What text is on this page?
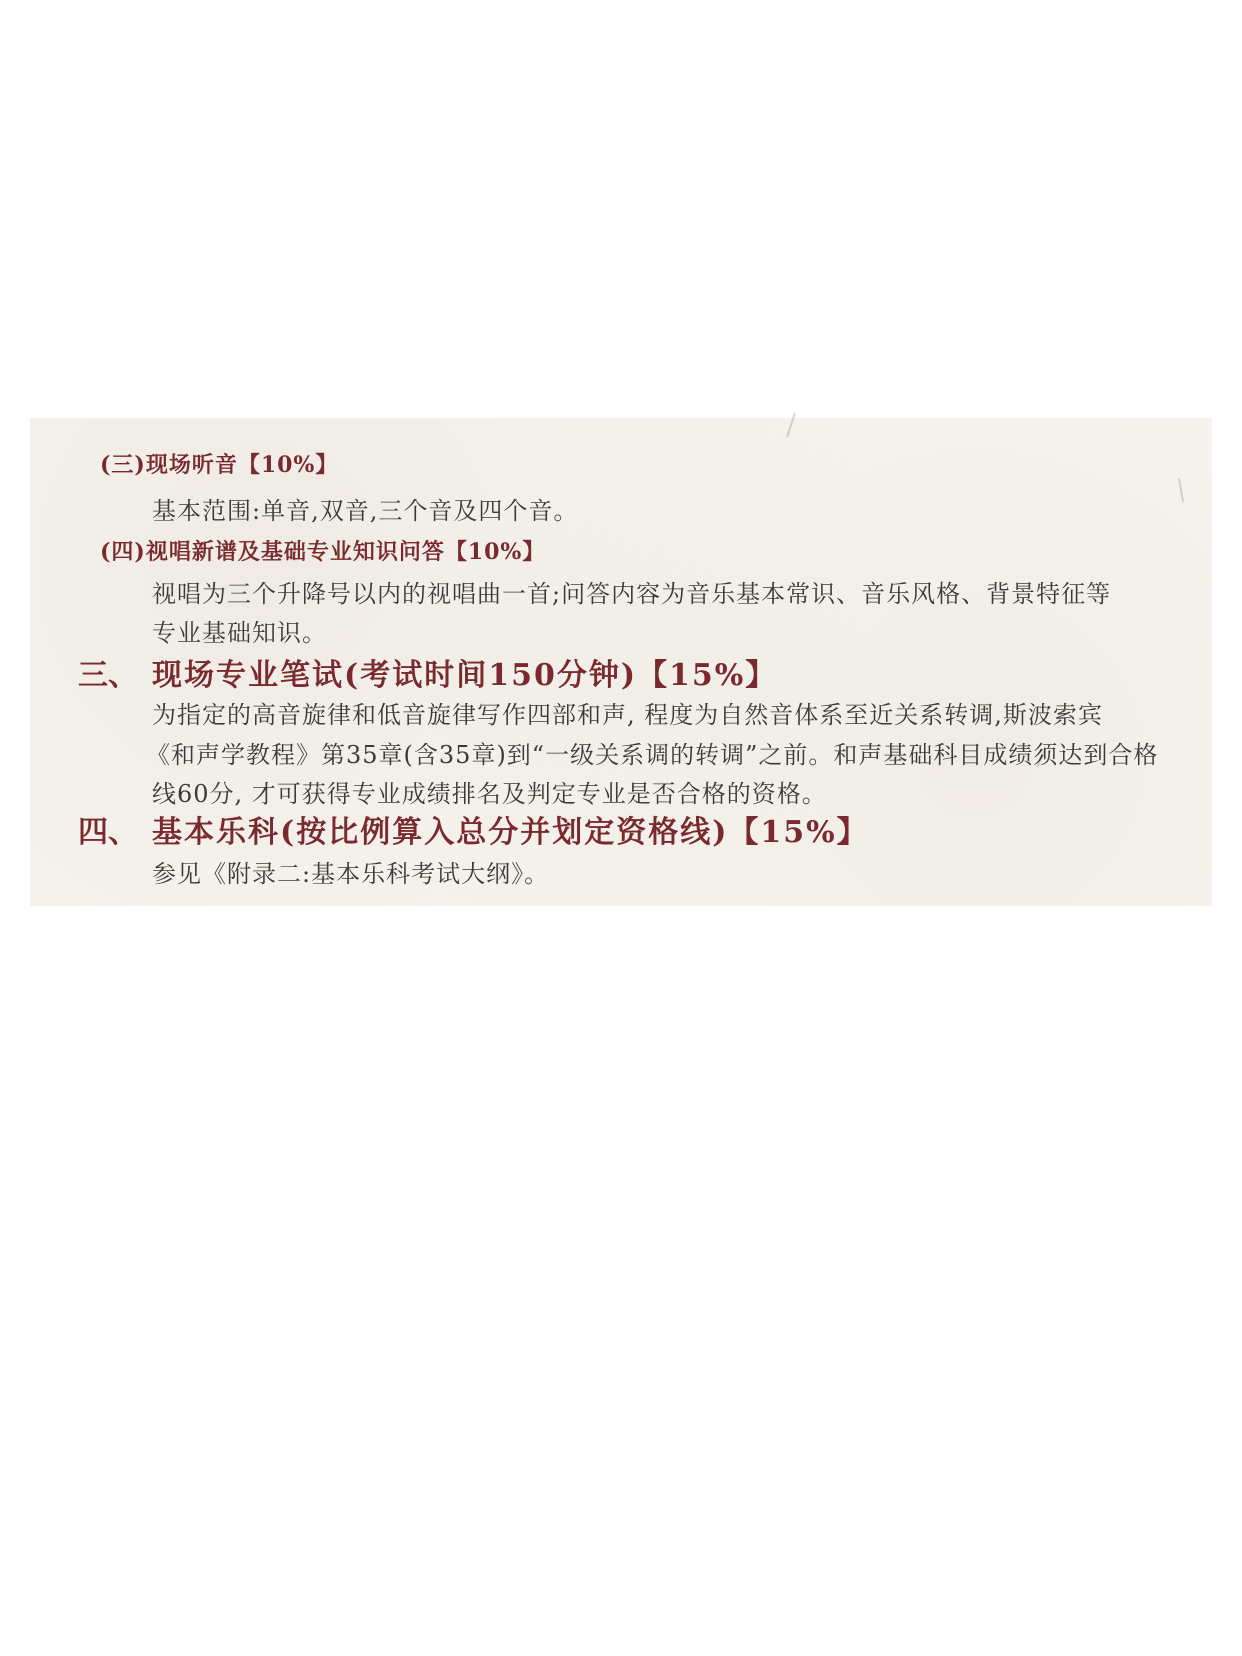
(三)现场听音【10%】
基本范围:单音,双音,三个音及四个音。
(四)视唱新谱及基础专业知识问答【10%】
视唱为三个升降号以内的视唱曲一首;问答内容为音乐基本常识、音乐风格、背景特征等
专业基础知识。
三、 现场专业笔试(考试时间150分钟)【15%】
为指定的高音旋律和低音旋律写作四部和声, 程度为自然音体系至近关系转调,斯波索宾
《和声学教程》第35章(含35章)到“一级关系调的转调”之前。和声基础科目成绩须达到合格
线60分, 才可获得专业成绩排名及判定专业是否合格的资格。
四、 基本乐科(按比例算入总分并划定资格线)【15%】
参见《附录二:基本乐科考试大纲》。
